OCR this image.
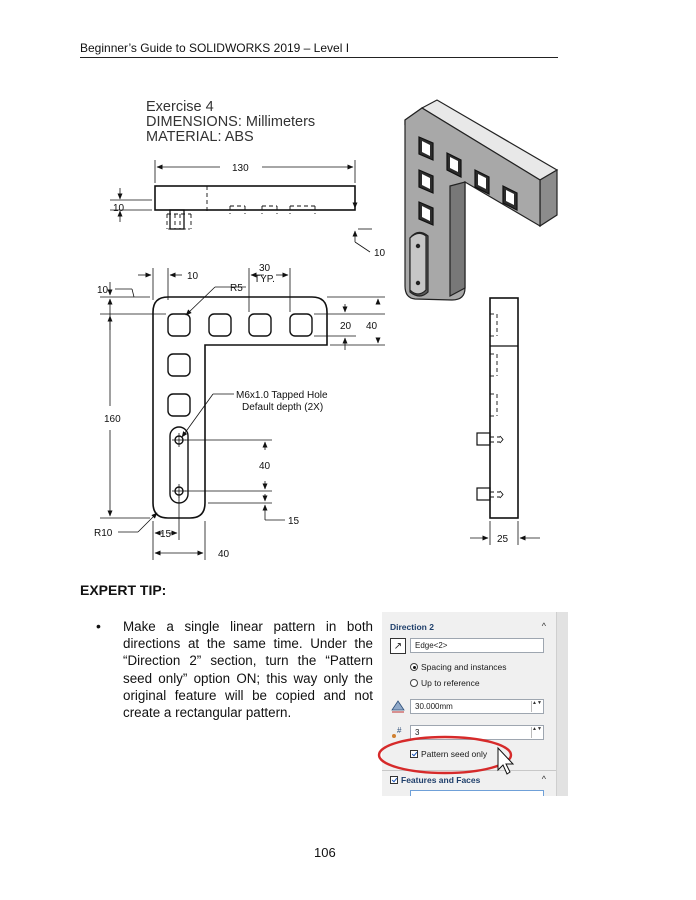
Beginner’s Guide to SOLIDWORKS 2019 – Level I
Exercise 4
DIMENSIONS: Millimeters
MATERIAL: ABS
130
10
10
10
30
TYP.
10	R5
20 40
160
M6x1.0 Tapped Hole
Default depth (2X)
40
15
R10	15
40
25
EXPERT TIP:
• Make a single linear pattern in both directions at the same time. Under the “Direction 2” section, turn the “Pattern seed only” option ON; this way only the original feature will be copied and not create a rectangular pattern.
Direction 2	^
↗	Edge<2>
Spacing and instances
Up to reference
30.000mm	▲▼
#	3	▲▼
Pattern seed only
Features and Faces	^
106
